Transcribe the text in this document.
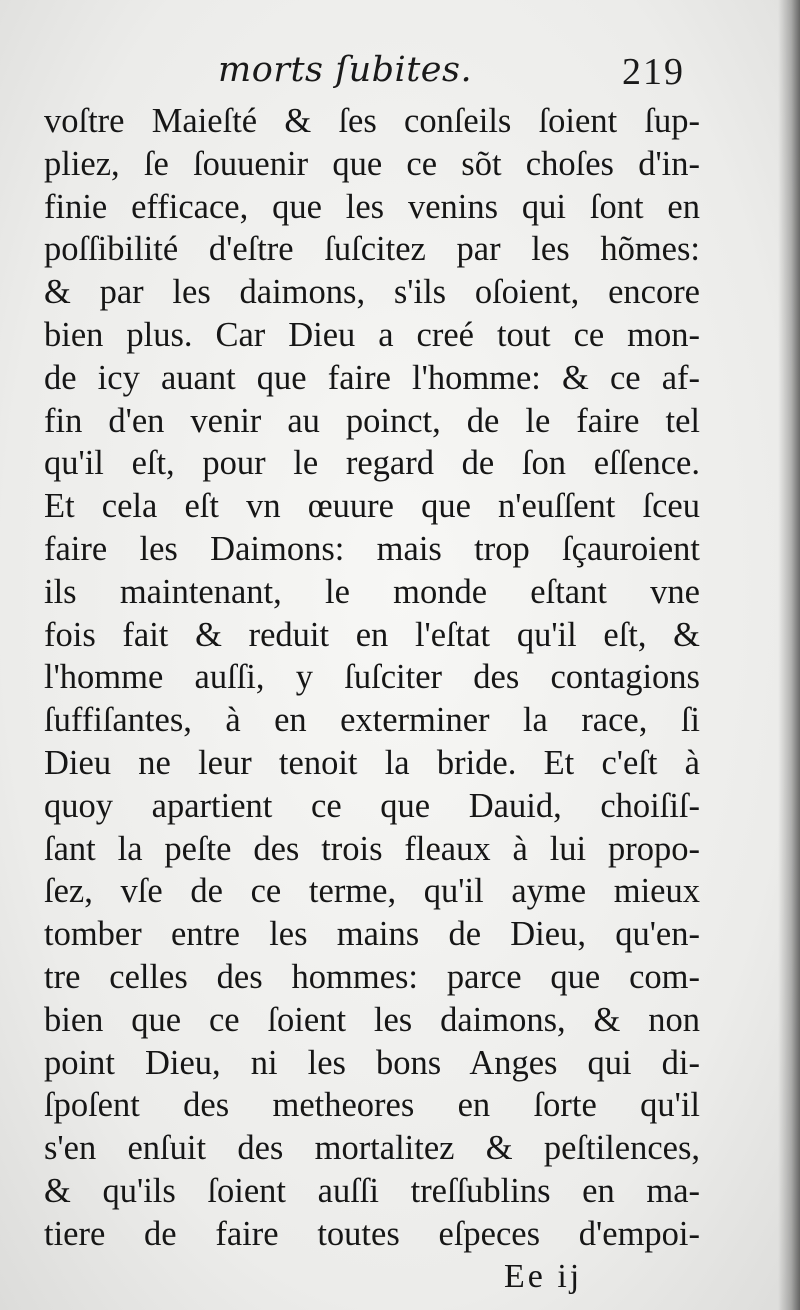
morts ſubites.	219
voſtre Maieſté & ſes conſeils ſoient ſup-
pliez, ſe ſouuenir que ce sõt choſes d'in-
finie efficace, que les venins qui ſont en
poſſibilité d'eſtre ſuſcitez par les hõmes:
& par les daimons, s'ils oſoient, encore
bien plus. Car Dieu a creé tout ce mon-
de icy auant que faire l'homme: & ce af-
fin d'en venir au poinct, de le faire tel
qu'il eſt, pour le regard de ſon eſſence.
Et cela eſt vn œuure que n'euſſent ſceu
faire les Daimons: mais trop ſçauroient
ils maintenant, le monde eſtant vne
fois fait & reduit en l'eſtat qu'il eſt, &
l'homme auſſi, y ſuſciter des contagions
ſuffiſantes, à en exterminer la race, ſi
Dieu ne leur tenoit la bride. Et c'eſt à
quoy apartient ce que Dauid, choiſiſ-
ſant la peſte des trois fleaux à lui propo-
ſez, vſe de ce terme, qu'il ayme mieux
tomber entre les mains de Dieu, qu'en-
tre celles des hommes: parce que com-
bien que ce ſoient les daimons, & non
point Dieu, ni les bons Anges qui di-
ſpoſent des metheores en ſorte qu'il
s'en enſuit des mortalitez & peſtilences,
& qu'ils ſoient auſſi treſſublins en ma-
tiere de faire toutes eſpeces d'empoi-
Ee ij
